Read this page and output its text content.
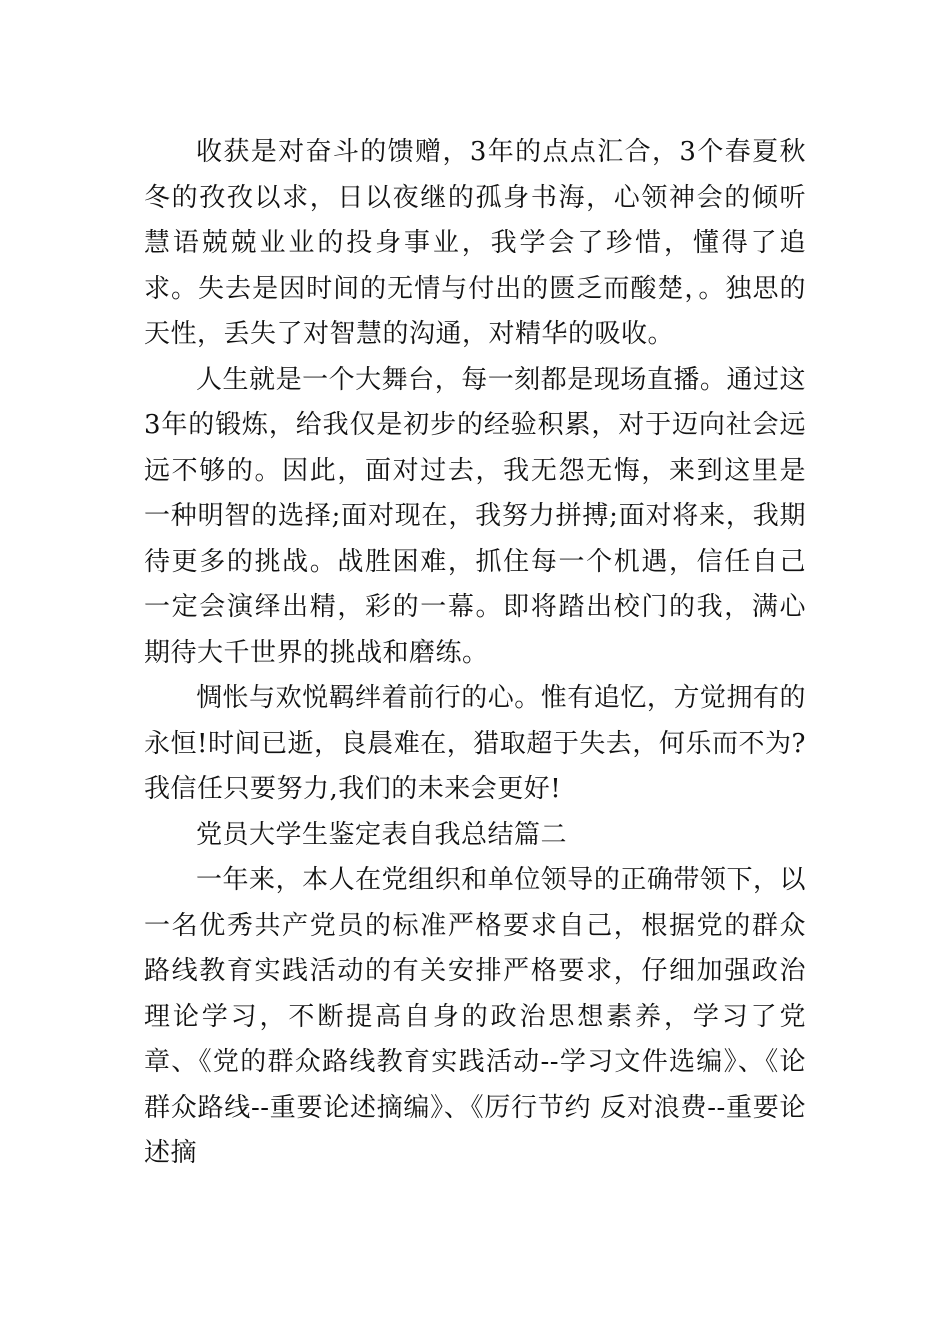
收获是对奋斗的馈赠，3年的点点汇合，3个春夏秋冬的孜孜以求，日以夜继的孤身书海，心领神会的倾听慧语兢兢业业的投身事业，我学会了珍惜，懂得了追求。失去是因时间的无情与付出的匮乏而酸楚，。独思的天性，丢失了对智慧的沟通，对精华的吸收。

人生就是一个大舞台，每一刻都是现场直播。通过这3年的锻炼，给我仅是初步的经验积累，对于迈向社会远远不够的。因此，面对过去，我无怨无悔，来到这里是一种明智的选择;面对现在，我努力拼搏;面对将来，我期待更多的挑战。战胜困难，抓住每一个机遇，信任自己一定会演绎出精，彩的一幕。即将踏出校门的我，满心期待大千世界的挑战和磨练。

惆怅与欢悦羁绊着前行的心。惟有追忆，方觉拥有的永恒!时间已逝，良晨难在，猎取超于失去，何乐而不为?我信任只要努力,我们的未来会更好!

党员大学生鉴定表自我总结篇二

一年来，本人在党组织和单位领导的正确带领下，以一名优秀共产党员的标准严格要求自己，根据党的群众路线教育实践活动的有关安排严格要求，仔细加强政治理论学习，不断提高自身的政治思想素养，学习了党章、《党的群众路线教育实践活动--学习文件选编》、《论群众路线--重要论述摘编》、《厉行节约 反对浪费--重要论述摘
